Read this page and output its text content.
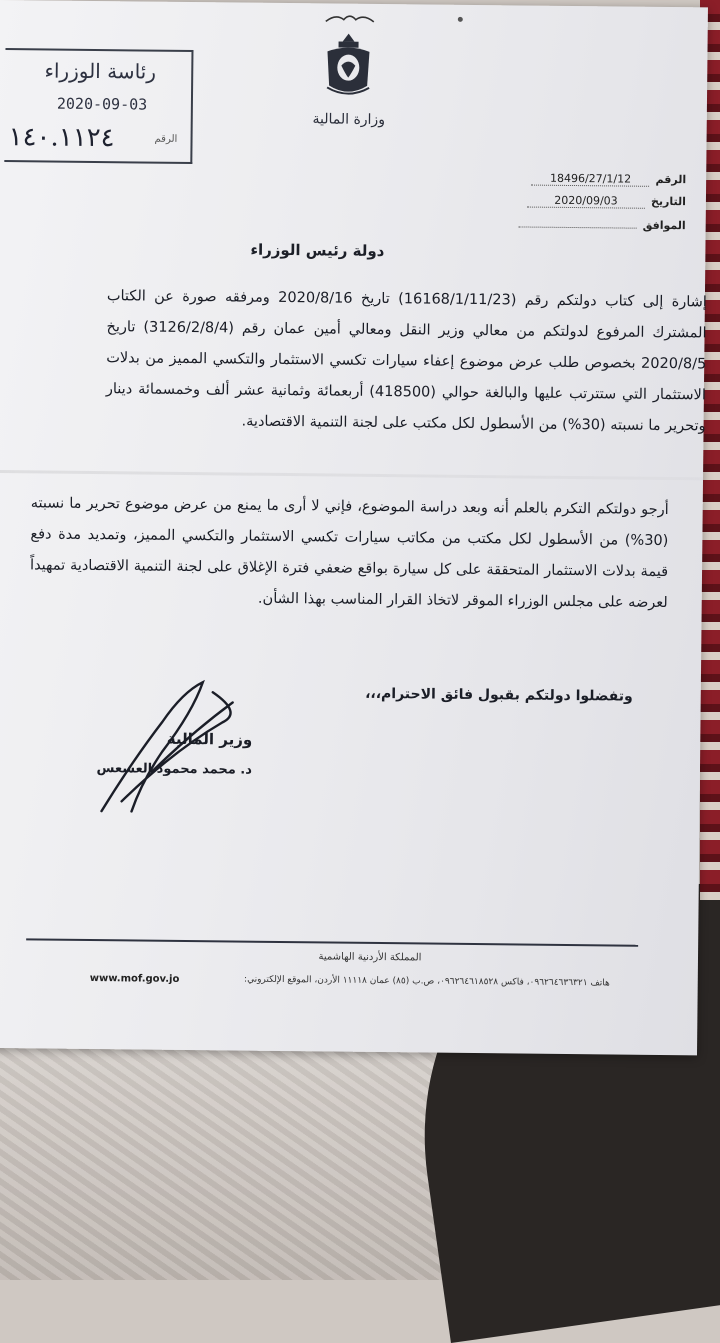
رئاسة الوزراء
2020-09-03
١٤٠.١١٢٤	الرقم
وزارة المالية
الرقم
18496/27/1/12
التاريخ
2020/09/03
الموافق
دولة رئيس الوزراء
إشارة إلى كتاب دولتكم رقم (16168/1/11/23) تاريخ 2020/8/16 ومرفقه صورة عن الكتاب المشترك المرفوع لدولتكم من معالي وزير النقل ومعالي أمين عمان رقم (3126/2/8/4) تاريخ 2020/8/5 بخصوص طلب عرض موضوع إعفاء سيارات تكسي الاستثمار والتكسي المميز من بدلات الاستثمار التي ستترتب عليها والبالغة حوالي (418500) أربعمائة وثمانية عشر ألف وخمسمائة دينار وتحرير ما نسبته (30%) من الأسطول لكل مكتب على لجنة التنمية الاقتصادية.
أرجو دولتكم التكرم بالعلم أنه وبعد دراسة الموضوع، فإني لا أرى ما يمنع من عرض موضوع تحرير ما نسبته (30%) من الأسطول لكل مكتب من مكاتب سيارات تكسي الاستثمار والتكسي المميز، وتمديد مدة دفع قيمة بدلات الاستثمار المتحققة على كل سيارة بواقع ضعفي فترة الإغلاق على لجنة التنمية الاقتصادية تمهيداً لعرضه على مجلس الوزراء الموقر لاتخاذ القرار المناسب بهذا الشأن.
وتفضلوا دولتكم بقبول فائق الاحترام،،،
وزير المالية
د. محمد محمود العسعس
المملكة الأردنية الهاشمية
هاتف ٠٩٦٢٦٤٦٣٦٣٢١، فاكس ٠٩٦٢٦٤٦١٨٥٢٨، ص.ب (٨٥) عمان ١١١١٨ الأردن، الموقع الإلكتروني:
www.mof.gov.jo
